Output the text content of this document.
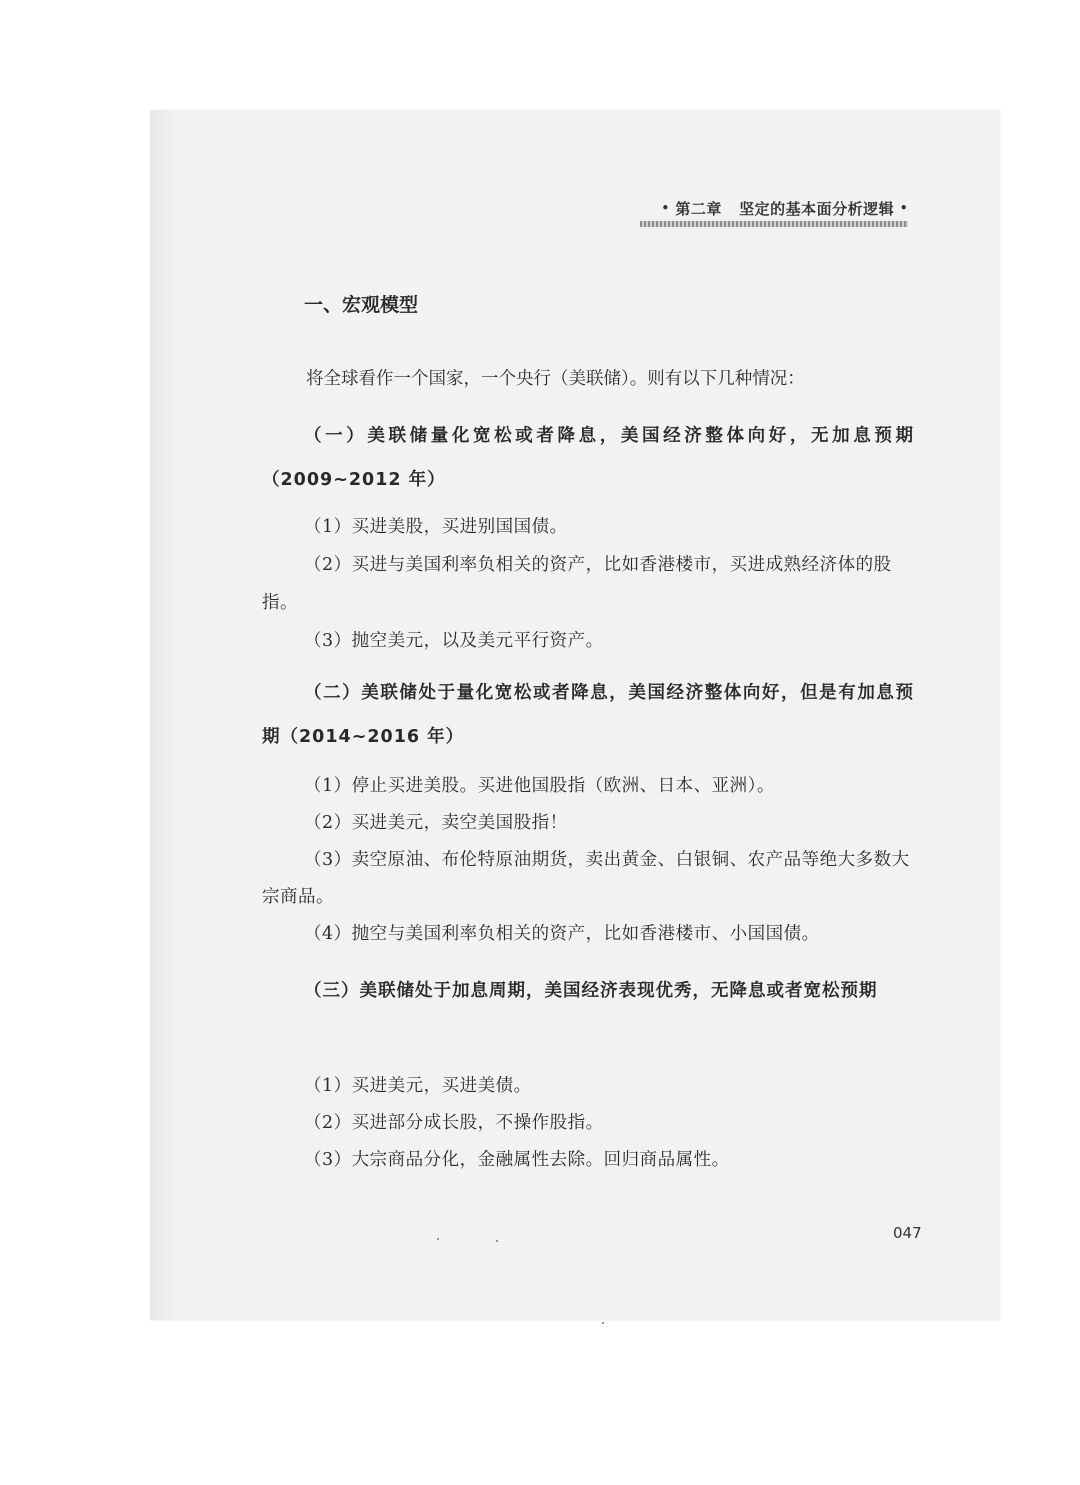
• 第二章 坚定的基本面分析逻辑 •
一、宏观模型

将全球看作一个国家，一个央行（美联储）。则有以下几种情况：

（一）美联储量化宽松或者降息，美国经济整体向好，无加息预期（2009~2012 年）

（1）买进美股，买进别国国债。

（2）买进与美国利率负相关的资产，比如香港楼市，买进成熟经济体的股指。

（3）抛空美元，以及美元平行资产。

（二）美联储处于量化宽松或者降息，美国经济整体向好，但是有加息预期（2014~2016 年）

（1）停止买进美股。买进他国股指（欧洲、日本、亚洲）。

（2）买进美元，卖空美国股指！

（3）卖空原油、布伦特原油期货，卖出黄金、白银铜、农产品等绝大多数大宗商品。

（4）抛空与美国利率负相关的资产，比如香港楼市、小国国债。

（三）美联储处于加息周期，美国经济表现优秀，无降息或者宽松预期

（1）买进美元，买进美债。

（2）买进部分成长股，不操作股指。

（3）大宗商品分化，金融属性去除。回归商品属性。

047
